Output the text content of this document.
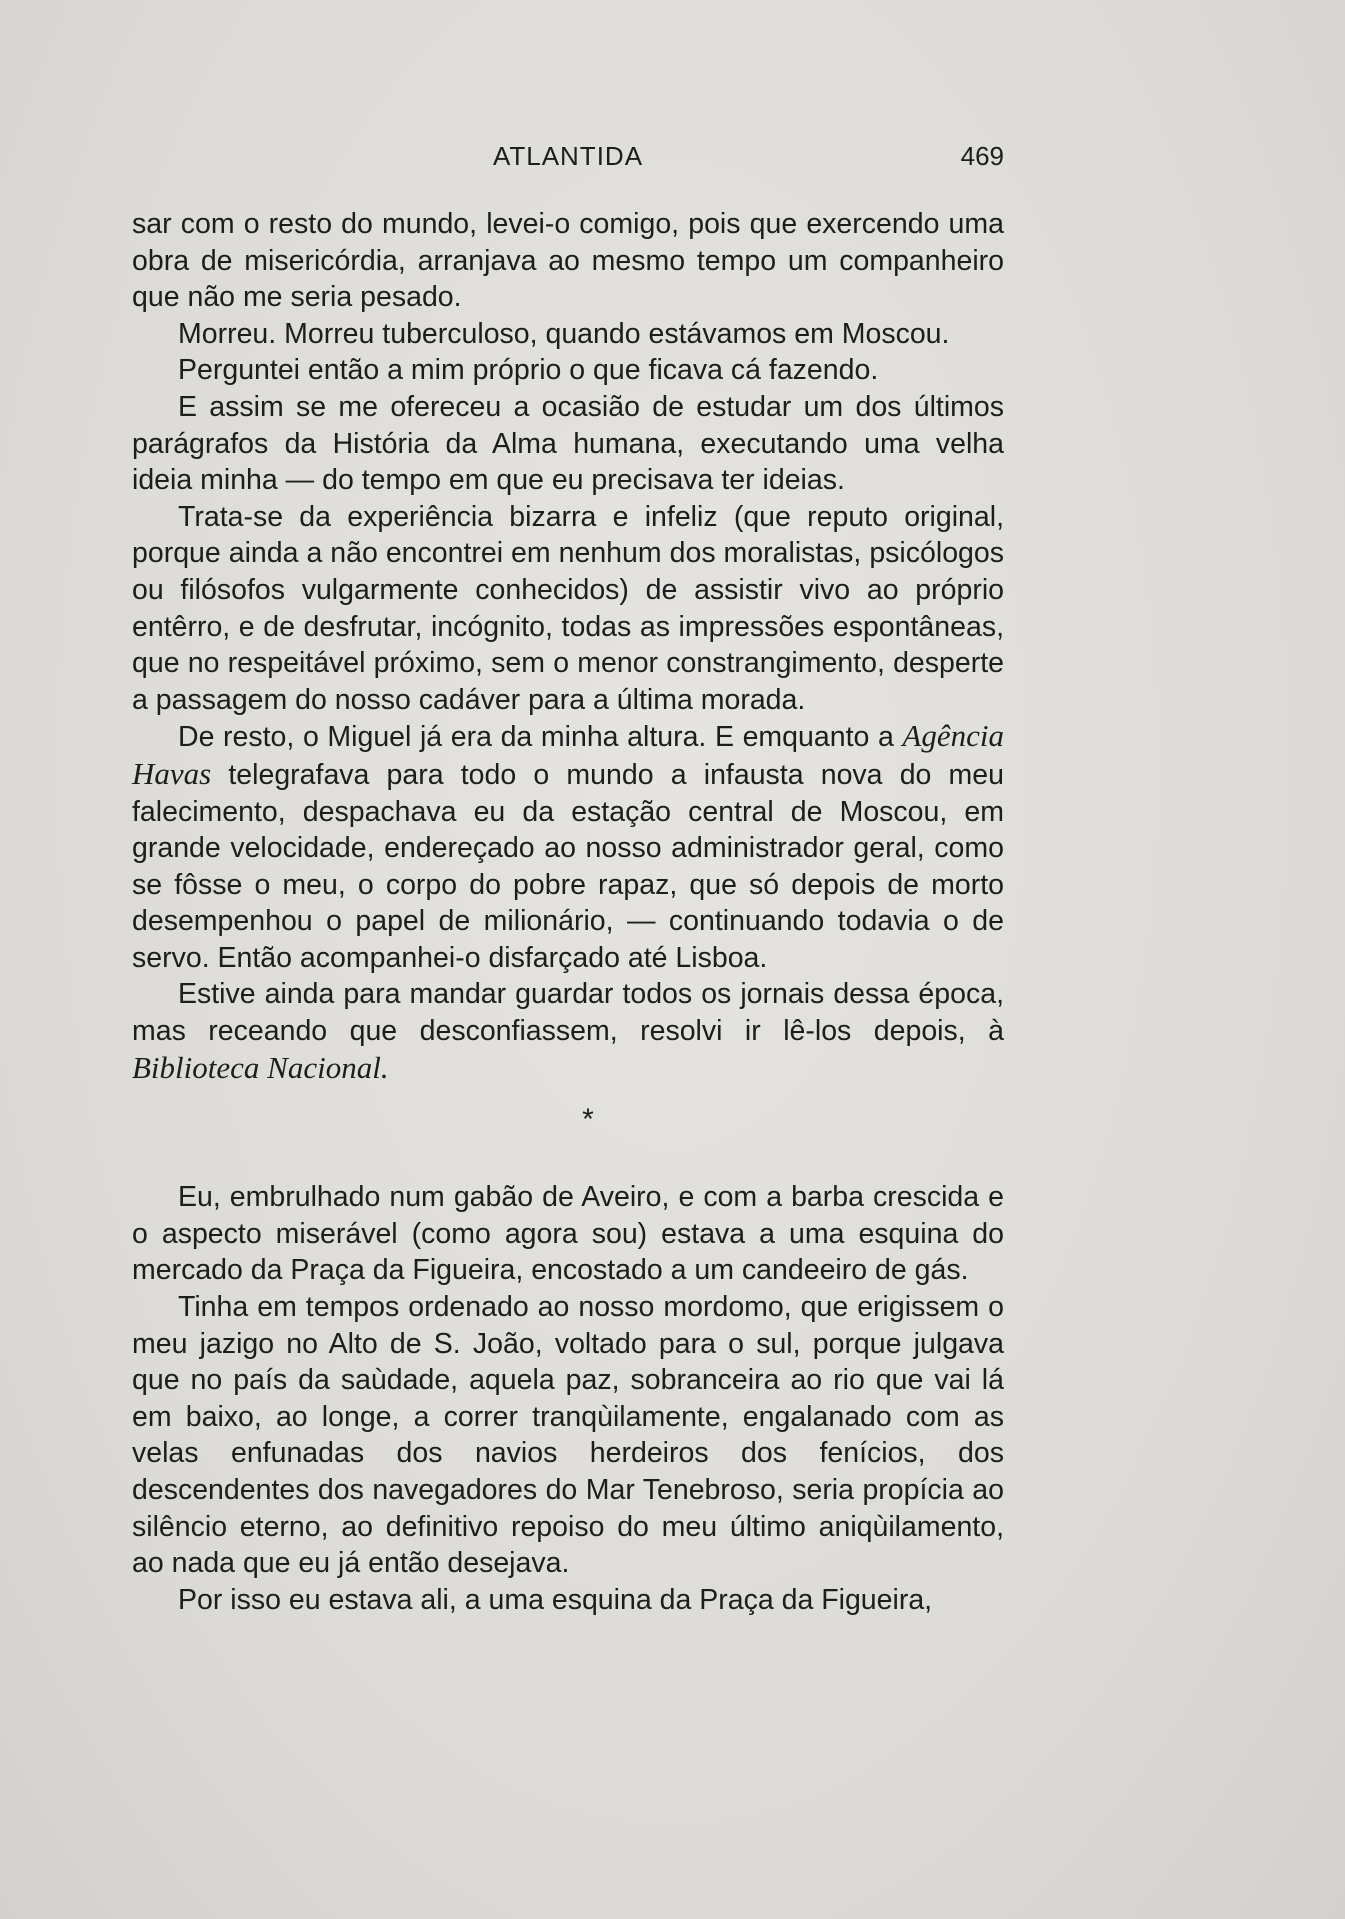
ATLANTIDA	469

sar com o resto do mundo, levei-o comigo, pois que exercendo uma obra de misericórdia, arranjava ao mesmo tempo um companheiro que não me seria pesado.

Morreu. Morreu tuberculoso, quando estávamos em Moscou.

Perguntei então a mim próprio o que ficava cá fazendo.

E assim se me ofereceu a ocasião de estudar um dos últimos parágrafos da História da Alma humana, executando uma velha ideia minha — do tempo em que eu precisava ter ideias.

Trata-se da experiência bizarra e infeliz (que reputo original, porque ainda a não encontrei em nenhum dos moralistas, psicólogos ou filósofos vulgarmente conhecidos) de assistir vivo ao próprio entêrro, e de desfrutar, incógnito, todas as impressões espontâneas, que no respeitável próximo, sem o menor constrangimento, desperte a passagem do nosso cadáver para a última morada.

De resto, o Miguel já era da minha altura. E emquanto a Agência Havas telegrafava para todo o mundo a infausta nova do meu falecimento, despachava eu da estação central de Moscou, em grande velocidade, endereçado ao nosso administrador geral, como se fôsse o meu, o corpo do pobre rapaz, que só depois de morto desempenhou o papel de milionário, — continuando todavia o de servo. Então acompanhei-o disfarçado até Lisboa.

Estive ainda para mandar guardar todos os jornais dessa época, mas receando que desconfiassem, resolvi ir lê-los depois, à Biblioteca Nacional.

*

Eu, embrulhado num gabão de Aveiro, e com a barba crescida e o aspecto miserável (como agora sou) estava a uma esquina do mercado da Praça da Figueira, encostado a um candeeiro de gás.

Tinha em tempos ordenado ao nosso mordomo, que erigissem o meu jazigo no Alto de S. João, voltado para o sul, porque julgava que no país da saùdade, aquela paz, sobranceira ao rio que vai lá em baixo, ao longe, a correr tranqùilamente, engalanado com as velas enfunadas dos navios herdeiros dos fenícios, dos descendentes dos navegadores do Mar Tenebroso, seria propícia ao silêncio eterno, ao definitivo repoiso do meu último aniqùilamento, ao nada que eu já então desejava.

Por isso eu estava ali, a uma esquina da Praça da Figueira,
